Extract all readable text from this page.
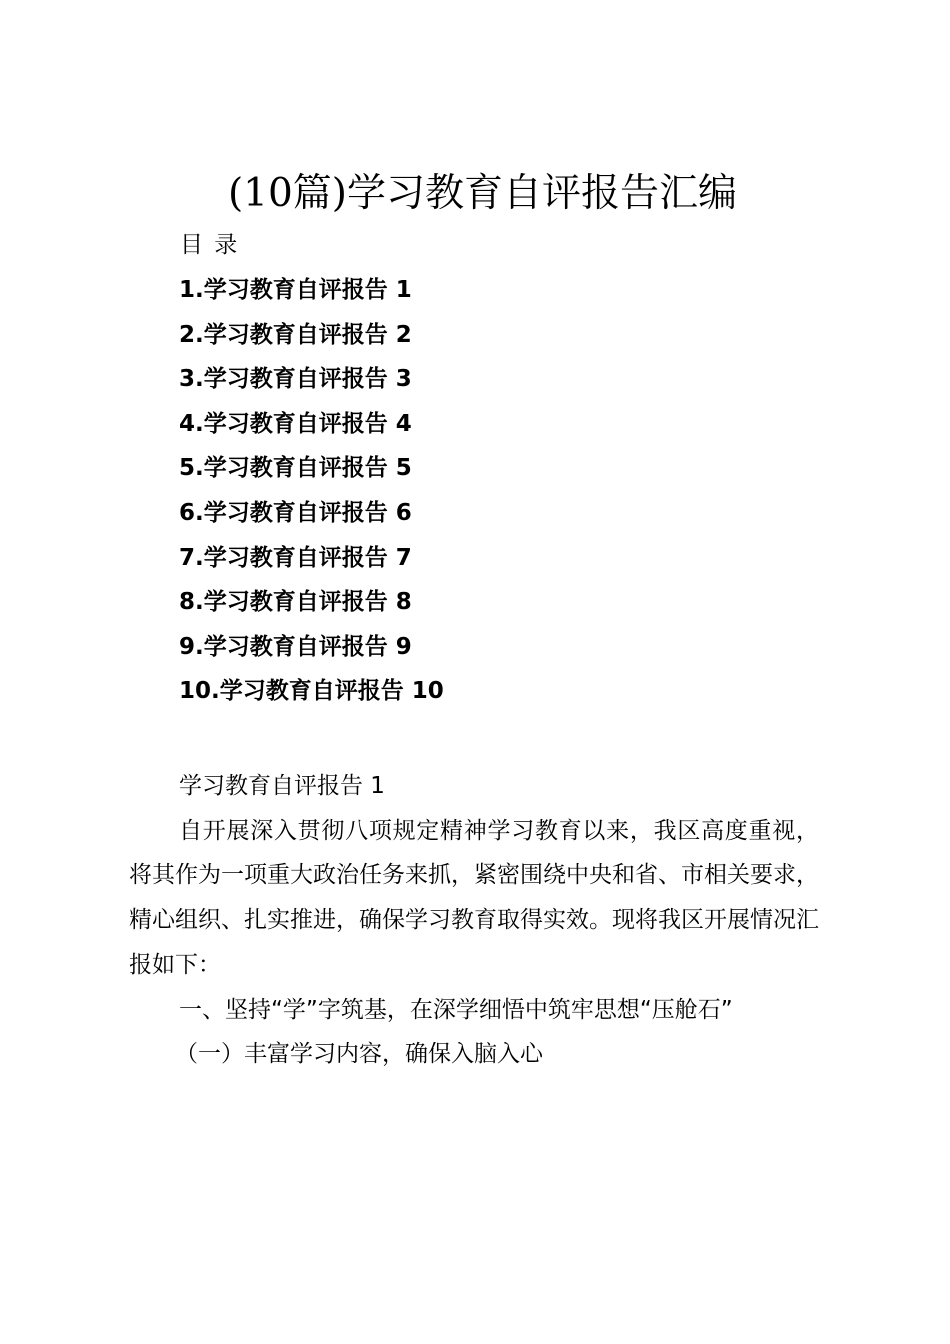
(10篇)学习教育自评报告汇编
目 录
1.学习教育自评报告 1
2.学习教育自评报告 2
3.学习教育自评报告 3
4.学习教育自评报告 4
5.学习教育自评报告 5
6.学习教育自评报告 6
7.学习教育自评报告 7
8.学习教育自评报告 8
9.学习教育自评报告 9
10.学习教育自评报告 10

学习教育自评报告 1

自开展深入贯彻八项规定精神学习教育以来，我区高度重视，将其作为一项重大政治任务来抓，紧密围绕中央和省、市相关要求，精心组织、扎实推进，确保学习教育取得实效。现将我区开展情况汇报如下：

一、坚持“学”字筑基，在深学细悟中筑牢思想“压舱石”

（一）丰富学习内容，确保入脑入心
